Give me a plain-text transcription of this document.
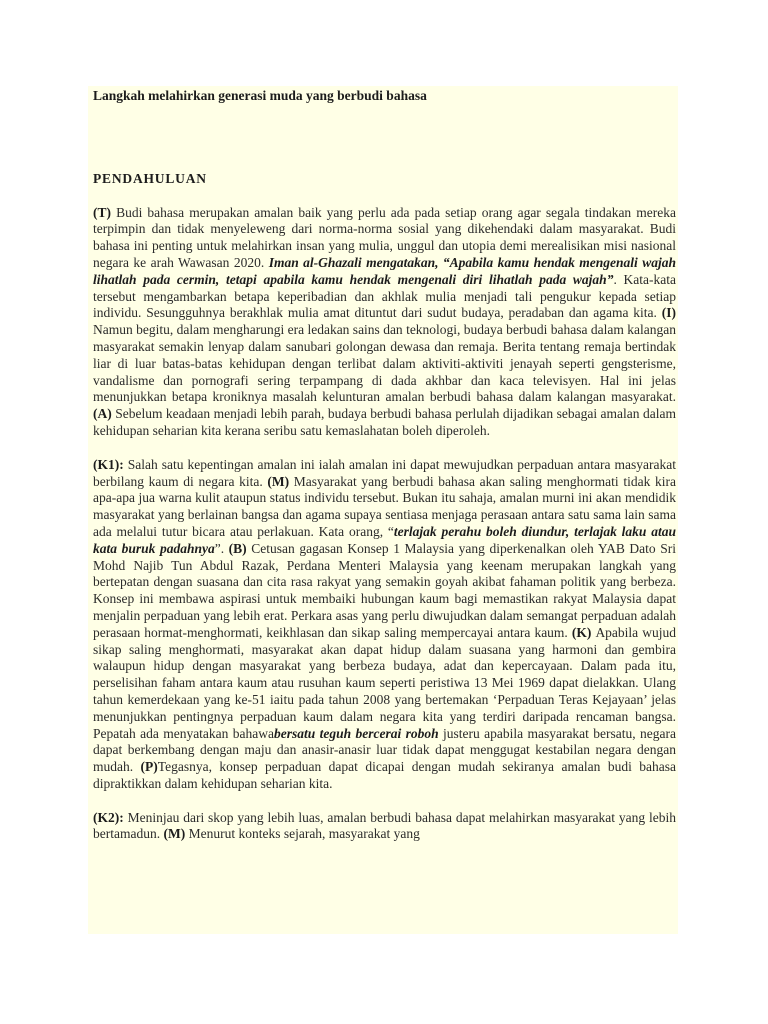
Langkah melahirkan generasi muda yang berbudi bahasa
PENDAHULUAN

(T) Budi bahasa merupakan amalan baik yang perlu ada pada setiap orang agar segala tindakan mereka terpimpin dan tidak menyeleweng dari norma-norma sosial yang dikehendaki dalam masyarakat. Budi bahasa ini penting untuk melahirkan insan yang mulia, unggul dan utopia demi merealisikan misi nasional negara ke arah Wawasan 2020. Iman al-Ghazali mengatakan, “Apabila kamu hendak mengenali wajah lihatlah pada cermin, tetapi apabila kamu hendak mengenali diri lihatlah pada wajah”. Kata-kata tersebut mengambarkan betapa keperibadian dan akhlak mulia menjadi tali pengukur kepada setiap individu. Sesungguhnya berakhlak mulia amat dituntut dari sudut budaya, peradaban dan agama kita. (I) Namun begitu, dalam mengharungi era ledakan sains dan teknologi, budaya berbudi bahasa dalam kalangan masyarakat semakin lenyap dalam sanubari golongan dewasa dan remaja. Berita tentang remaja bertindak liar di luar batas-batas kehidupan dengan terlibat dalam aktiviti-aktiviti jenayah seperti gengsterisme, vandalisme dan pornografi sering terpampang di dada akhbar dan kaca televisyen. Hal ini jelas menunjukkan betapa kroniknya masalah kelunturan amalan berbudi bahasa dalam kalangan masyarakat. (A) Sebelum keadaan menjadi lebih parah, budaya berbudi bahasa perlulah dijadikan sebagai amalan dalam kehidupan seharian kita kerana seribu satu kemaslahatan boleh diperoleh.

(K1): Salah satu kepentingan amalan ini ialah amalan ini dapat mewujudkan perpaduan antara masyarakat berbilang kaum di negara kita. (M) Masyarakat yang berbudi bahasa akan saling menghormati tidak kira apa-apa jua warna kulit ataupun status individu tersebut. Bukan itu sahaja, amalan murni ini akan mendidik masyarakat yang berlainan bangsa dan agama supaya sentiasa menjaga perasaan antara satu sama lain sama ada melalui tutur bicara atau perlakuan. Kata orang, “terlajak perahu boleh diundur, terlajak laku atau kata buruk padahnya”. (B) Cetusan gagasan Konsep 1 Malaysia yang diperkenalkan oleh YAB Dato Sri Mohd Najib Tun Abdul Razak, Perdana Menteri Malaysia yang keenam merupakan langkah yang bertepatan dengan suasana dan cita rasa rakyat yang semakin goyah akibat fahaman politik yang berbeza. Konsep ini membawa aspirasi untuk membaiki hubungan kaum bagi memastikan rakyat Malaysia dapat menjalin perpaduan yang lebih erat. Perkara asas yang perlu diwujudkan dalam semangat perpaduan adalah perasaan hormat-menghormati, keikhlasan dan sikap saling mempercayai antara kaum. (K) Apabila wujud sikap saling menghormati, masyarakat akan dapat hidup dalam suasana yang harmoni dan gembira walaupun hidup dengan masyarakat yang berbeza budaya, adat dan kepercayaan. Dalam pada itu, perselisihan faham antara kaum atau rusuhan kaum seperti peristiwa 13 Mei 1969 dapat dielakkan. Ulang tahun kemerdekaan yang ke-51 iaitu pada tahun 2008 yang bertemakan ‘Perpaduan Teras Kejayaan’ jelas menunjukkan pentingnya perpaduan kaum dalam negara kita yang terdiri daripada rencaman bangsa. Pepatah ada menyatakan bahawabersatu teguh bercerai roboh justeru apabila masyarakat bersatu, negara dapat berkembang dengan maju dan anasir-anasir luar tidak dapat menggugat kestabilan negara dengan mudah. (P)Tegasnya, konsep perpaduan dapat dicapai dengan mudah sekiranya amalan budi bahasa dipraktikkan dalam kehidupan seharian kita.

(K2): Meninjau dari skop yang lebih luas, amalan berbudi bahasa dapat melahirkan masyarakat yang lebih bertamadun. (M) Menurut konteks sejarah, masyarakat yang
